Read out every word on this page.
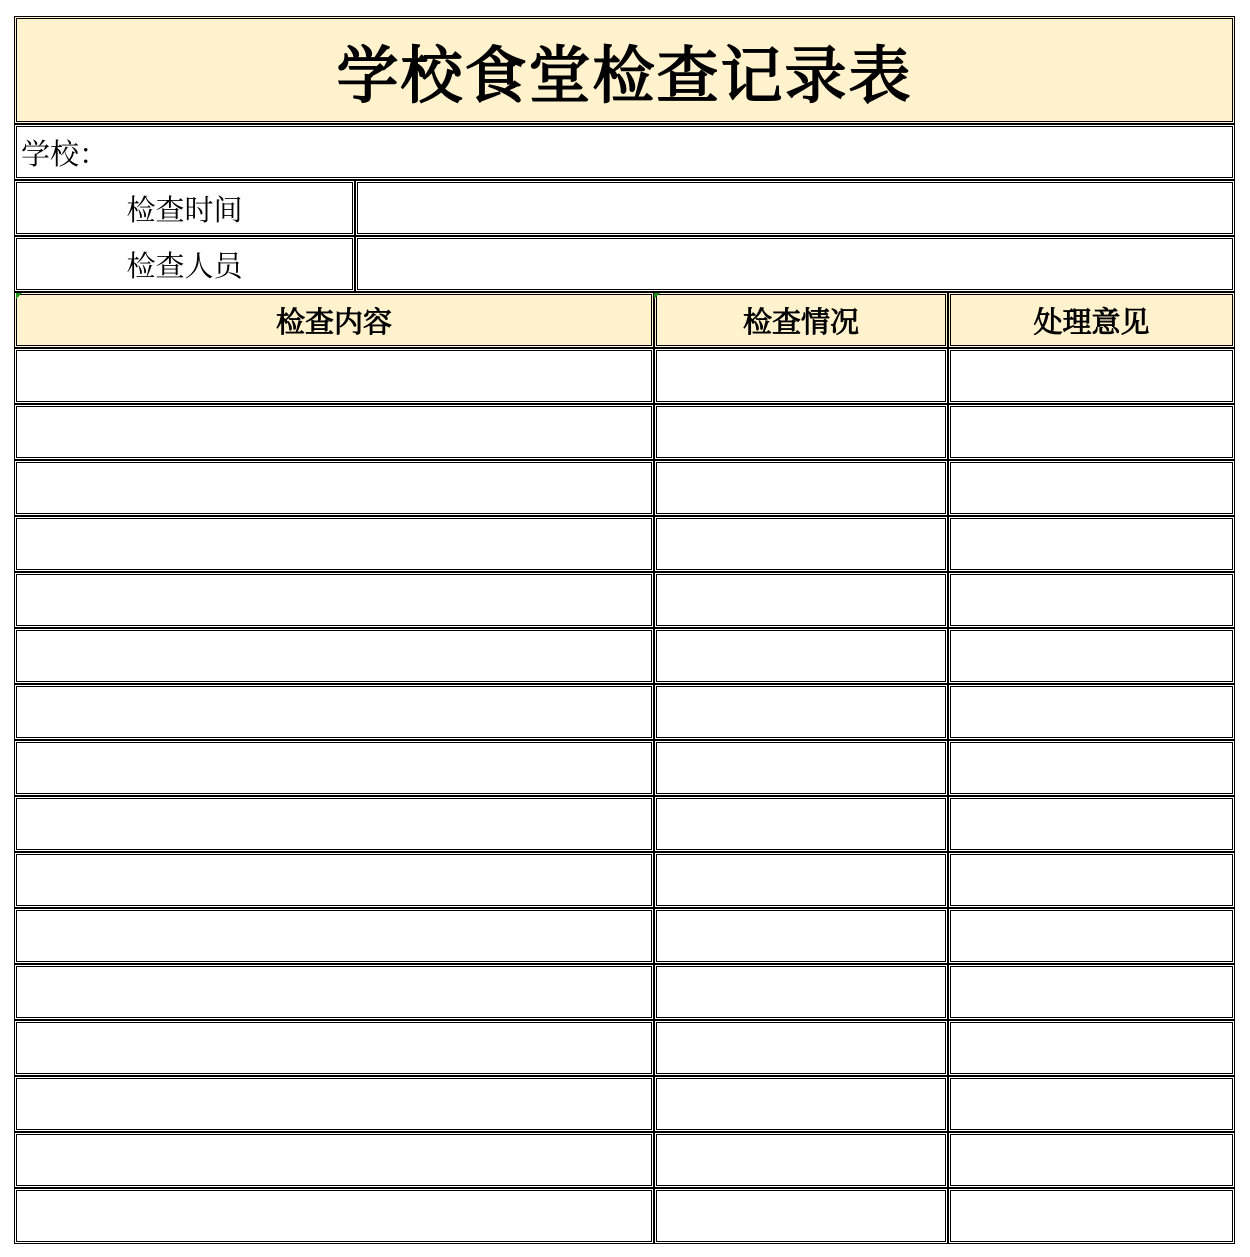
学校食堂检查记录表
学校：
检查时间
检查人员
检查内容	检查情况	处理意见
